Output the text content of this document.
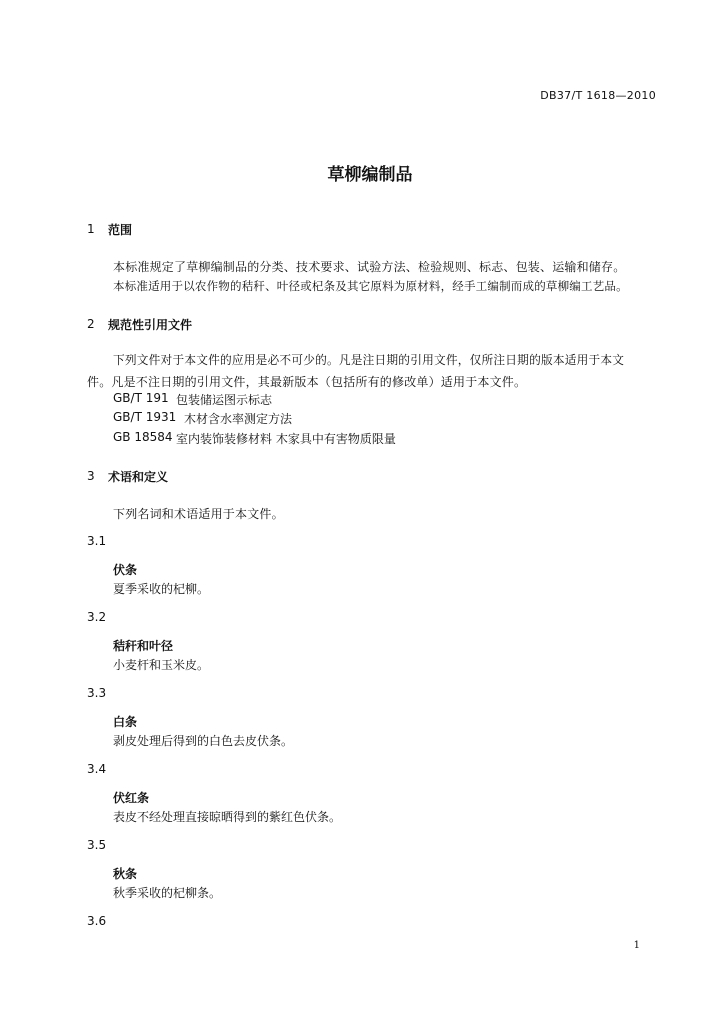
DB37/T 1618—2010
草柳编制品
1 范围
本标准规定了草柳编制品的分类、技术要求、试验方法、检验规则、标志、包装、运输和储存。
本标准适用于以农作物的秸秆、叶径或杞条及其它原料为原材料，经手工编制而成的草柳编工艺品。
2 规范性引用文件
下列文件对于本文件的应用是必不可少的。凡是注日期的引用文件，仅所注日期的版本适用于本文
件。凡是不注日期的引用文件，其最新版本（包括所有的修改单）适用于本文件。
GB/T 191 包装储运图示标志
GB/T 1931 木材含水率测定方法
GB 18584 室内装饰装修材料 木家具中有害物质限量
3 术语和定义
下列名词和术语适用于本文件。
3.1
伏条
夏季采收的杞柳。
3.2
秸秆和叶径
小麦杆和玉米皮。
3.3
白条
剥皮处理后得到的白色去皮伏条。
3.4
伏红条
表皮不经处理直接晾晒得到的紫红色伏条。
3.5
秋条
秋季采收的杞柳条。
3.6
1
